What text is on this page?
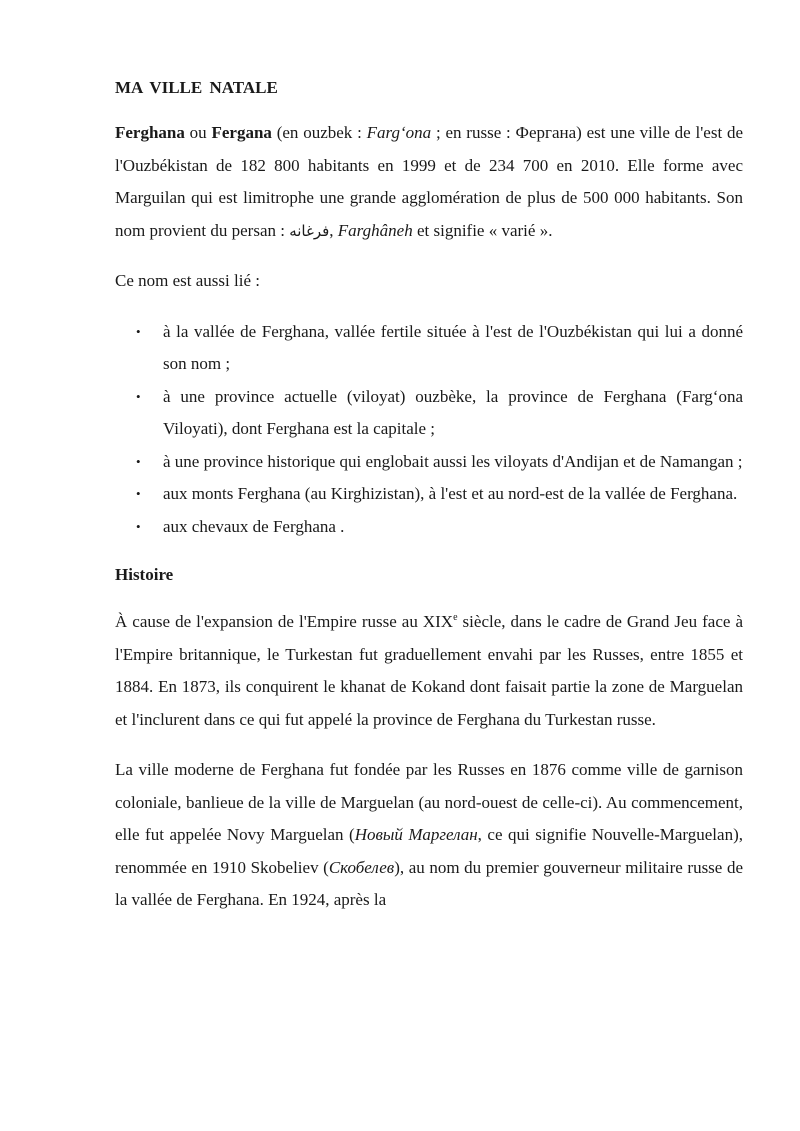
MA VILLE NATALE

Ferghana ou Fergana (en ouzbek : Farg‘ona ; en russe : Фергана) est une ville de l'est de l'Ouzbékistan de 182 800 habitants en 1999 et de 234 700 en 2010. Elle forme avec Marguilan qui est limitrophe une grande agglomération de plus de 500 000 habitants. Son nom provient du persan : فرغانه, Farghâneh et signifie « varié ».

Ce nom est aussi lié :

• à la vallée de Ferghana, vallée fertile située à l'est de l'Ouzbékistan qui lui a donné son nom ;
• à une province actuelle (viloyat) ouzbèke, la province de Ferghana (Farg‘ona Viloyati), dont Ferghana est la capitale ;
• à une province historique qui englobait aussi les viloyats d'Andijan et de Namangan ;
• aux monts Ferghana (au Kirghizistan), à l'est et au nord-est de la vallée de Ferghana.
• aux chevaux de Ferghana .
Histoire

À cause de l'expansion de l'Empire russe au XIXe siècle, dans le cadre de Grand Jeu face à l'Empire britannique, le Turkestan fut graduellement envahi par les Russes, entre 1855 et 1884. En 1873, ils conquirent le khanat de Kokand dont faisait partie la zone de Marguelan et l'inclurent dans ce qui fut appelé la province de Ferghana du Turkestan russe.

La ville moderne de Ferghana fut fondée par les Russes en 1876 comme ville de garnison coloniale, banlieue de la ville de Marguelan (au nord-ouest de celle-ci). Au commencement, elle fut appelée Novy Marguelan (Новый Маргелан, ce qui signifie Nouvelle-Marguelan), renommée en 1910 Skobeliev (Скобелев), au nom du premier gouverneur militaire russe de la vallée de Ferghana. En 1924, après la
